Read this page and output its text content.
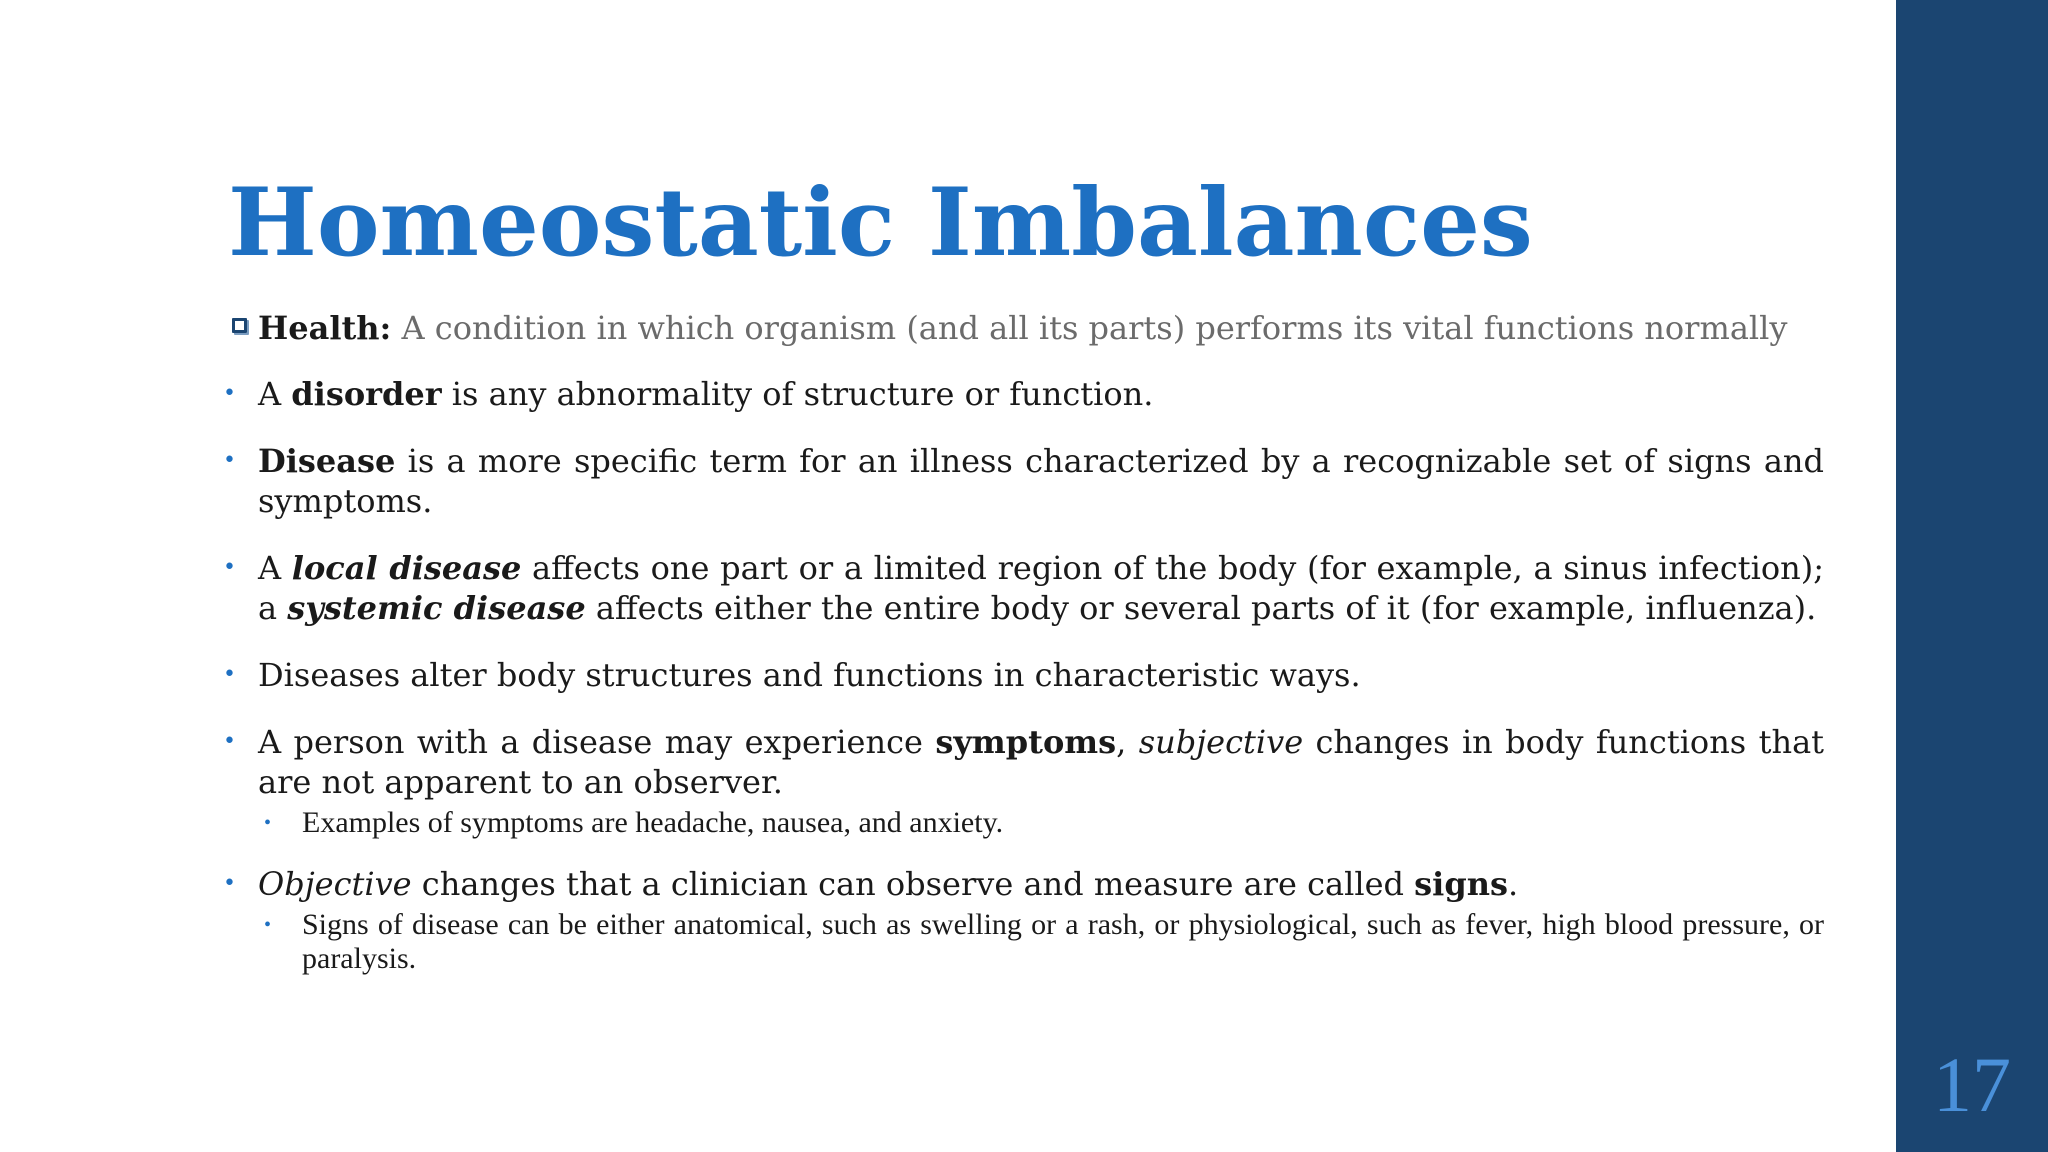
17
Homeostatic Imbalances
Health: A condition in which organism (and all its parts) performs its vital functions normally
• A disorder is any abnormality of structure or function.
• Disease is a more specific term for an illness characterized by a recognizable set of signs and symptoms.
• A local disease affects one part or a limited region of the body (for example, a sinus infection); a systemic disease affects either the entire body or several parts of it (for example, influenza).
• Diseases alter body structures and functions in characteristic ways.
• A person with a disease may experience symptoms, subjective changes in body functions that are not apparent to an observer.
• Examples of symptoms are headache, nausea, and anxiety.
• Objective changes that a clinician can observe and measure are called signs.
• Signs of disease can be either anatomical, such as swelling or a rash, or physiological, such as fever, high blood pressure, or paralysis.
